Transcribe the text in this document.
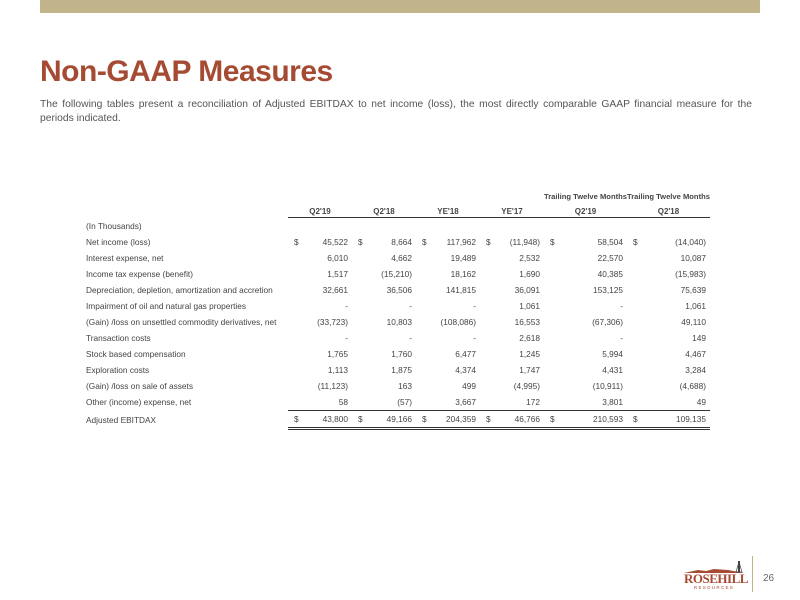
Non-GAAP Measures
The following tables present a reconciliation of Adjusted EBITDAX to net income (loss), the most directly comparable GAAP financial measure for the periods indicated.
									Trailing Twelve Months		Trailing Twelve Months	
	Q2'19		Q2'18		YE'18		YE'17		Q2'19		Q2'18	
(In Thousands)												
Net income (loss)	$	45,522	$	8,664	$	117,962	$	(11,948)	$	58,504	$	(14,040)
Interest expense, net		6,010		4,662		19,489		2,532		22,570		10,087
Income tax expense (benefit)		1,517		(15,210)		18,162		1,690		40,385		(15,983)
Depreciation, depletion, amortization and accretion		32,661		36,506		141,815		36,091		153,125		75,639
Impairment of oil and natural gas properties		-		-		-		1,061		-		1,061
(Gain) /loss on unsettled commodity derivatives, net		(33,723)		10,803		(108,086)		16,553		(67,306)		49,110
Transaction costs		-		-		-		2,618		-		149
Stock based compensation		1,765		1,760		6,477		1,245		5,994		4,467
Exploration costs		1,113		1,875		4,374		1,747		4,431		3,284
(Gain) /loss on sale of assets		(11,123)		163		499		(4,995)		(10,911)		(4,688)
Other (income) expense, net		58		(57)		3,667		172		3,801		49
Adjusted EBITDAX	$	43,800	$	49,166	$	204,359	$	46,766	$	210,593	$	109,135
ROSEHILL
RESOURCES
26
